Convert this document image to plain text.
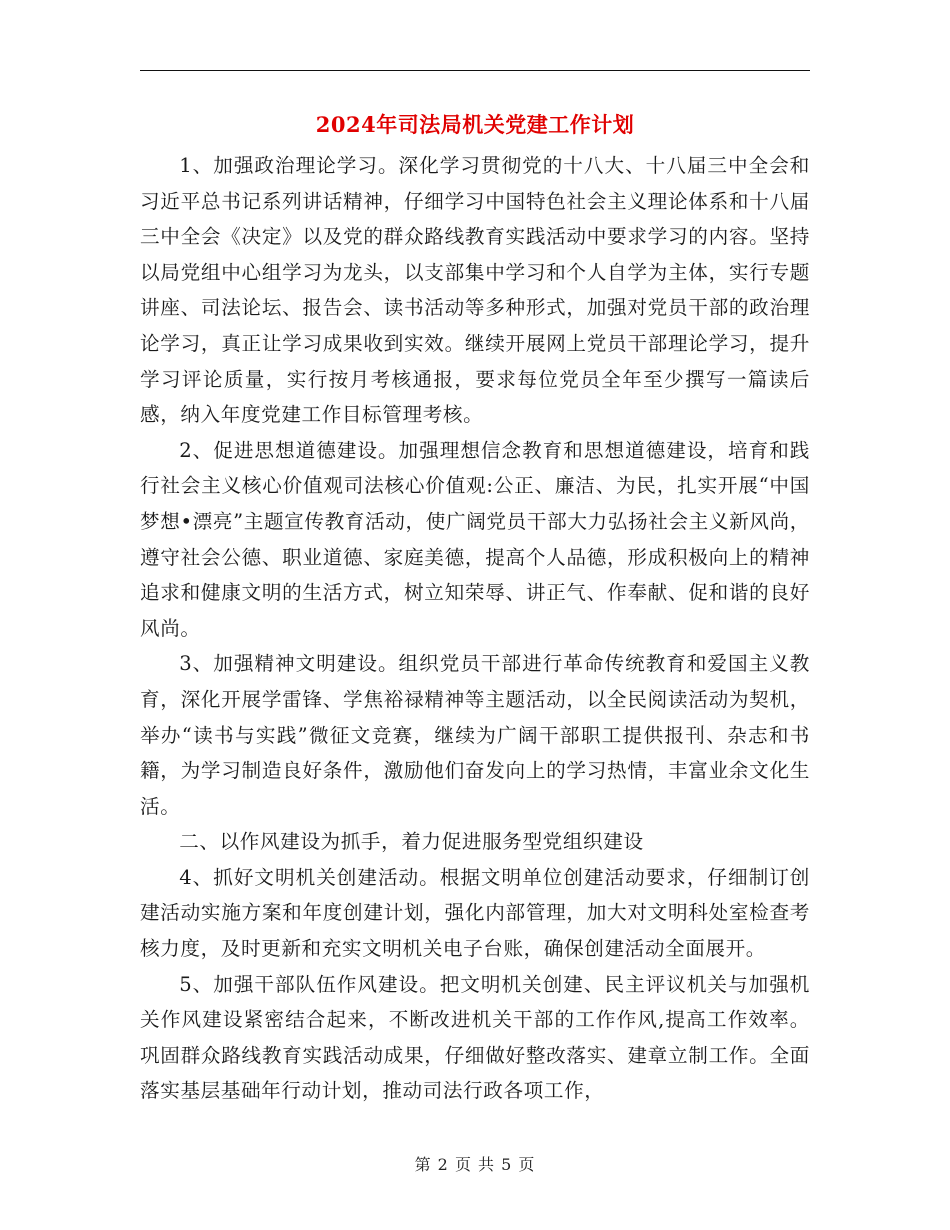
2024年司法局机关党建工作计划

1、加强政治理论学习。深化学习贯彻党的十八大、十八届三中全会和习近平总书记系列讲话精神，仔细学习中国特色社会主义理论体系和十八届三中全会《决定》以及党的群众路线教育实践活动中要求学习的内容。坚持以局党组中心组学习为龙头，以支部集中学习和个人自学为主体，实行专题讲座、司法论坛、报告会、读书活动等多种形式，加强对党员干部的政治理论学习，真正让学习成果收到实效。继续开展网上党员干部理论学习，提升学习评论质量，实行按月考核通报，要求每位党员全年至少撰写一篇读后感，纳入年度党建工作目标管理考核。

2、促进思想道德建设。加强理想信念教育和思想道德建设，培育和践行社会主义核心价值观司法核心价值观:公正、廉洁、为民，扎实开展“中国梦想•漂亮”主题宣传教育活动，使广阔党员干部大力弘扬社会主义新风尚，遵守社会公德、职业道德、家庭美德，提高个人品德，形成积极向上的精神追求和健康文明的生活方式，树立知荣辱、讲正气、作奉献、促和谐的良好风尚。

3、加强精神文明建设。组织党员干部进行革命传统教育和爱国主义教育，深化开展学雷锋、学焦裕禄精神等主题活动，以全民阅读活动为契机，举办“读书与实践”微征文竞赛，继续为广阔干部职工提供报刊、杂志和书籍，为学习制造良好条件，激励他们奋发向上的学习热情，丰富业余文化生活。

二、以作风建设为抓手，着力促进服务型党组织建设

4、抓好文明机关创建活动。根据文明单位创建活动要求，仔细制订创建活动实施方案和年度创建计划，强化内部管理，加大对文明科处室检查考核力度，及时更新和充实文明机关电子台账，确保创建活动全面展开。

5、加强干部队伍作风建设。把文明机关创建、民主评议机关与加强机关作风建设紧密结合起来，不断改进机关干部的工作作风,提高工作效率。巩固群众路线教育实践活动成果，仔细做好整改落实、建章立制工作。全面落实基层基础年行动计划，推动司法行政各项工作，

第 2 页 共 5 页
